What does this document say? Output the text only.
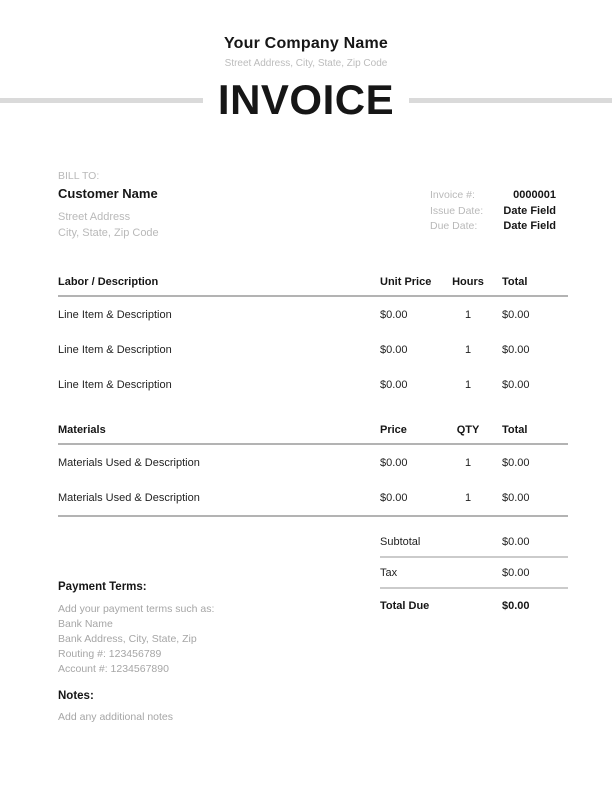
Your Company Name
Street Address, City, State, Zip Code
INVOICE
BILL TO:
Customer Name
Street Address
City, State, Zip Code
Invoice #:	0000001
Issue Date: Date Field
Due Date: Date Field
Labor / Description	Unit Price	Hours	Total
Line Item & Description	$0.00	1	$0.00
Line Item & Description	$0.00	1	$0.00
Line Item & Description	$0.00	1	$0.00
Materials	Price	QTY	Total
Materials Used & Description	$0.00	1	$0.00
Materials Used & Description	$0.00	1	$0.00
Subtotal	$0.00
Tax	$0.00
Total Due	$0.00
Payment Terms:
Add your payment terms such as:
Bank Name
Bank Address, City, State, Zip
Routing #: 123456789
Account #: 1234567890
Notes:
Add any additional notes
